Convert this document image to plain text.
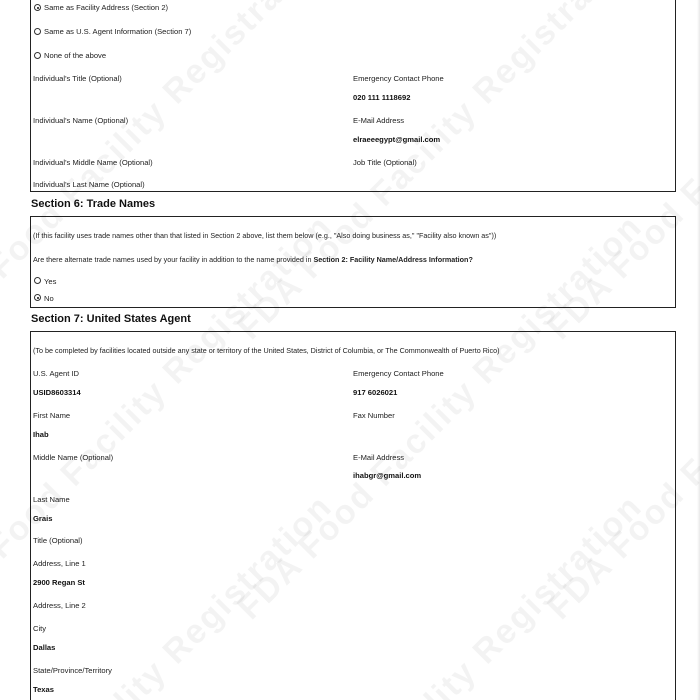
Same as Facility Address (Section 2)
Same as U.S. Agent Information (Section 7)
None of the above
Individual's Title (Optional)	Emergency Contact Phone
020 111 1118692
Individual's Name (Optional)	E-Mail Address
elraeeegypt@gmail.com
Individual's Middle Name (Optional)	Job Title (Optional)
Individual's Last Name (Optional)
Section 6: Trade Names
(If this facility uses trade names other than that listed in Section 2 above, list them below (e.g., "Also doing business as," "Facility also known as"))
Are there alternate trade names used by your facility in addition to the name provided in Section 2: Facility Name/Address Information?
Yes
No
Section 7: United States Agent
(To be completed by facilities located outside any state or territory of the United States, District of Columbia, or The Commonwealth of Puerto Rico)
U.S. Agent ID
USID8603314
Emergency Contact Phone
917 6026021
First Name
Ihab
Fax Number
Middle Name (Optional)	E-Mail Address
ihabgr@gmail.com
Last Name
Grais
Title (Optional)
Address, Line 1
2900 Regan St
Address, Line 2
City
Dallas
State/Province/Territory
Texas
